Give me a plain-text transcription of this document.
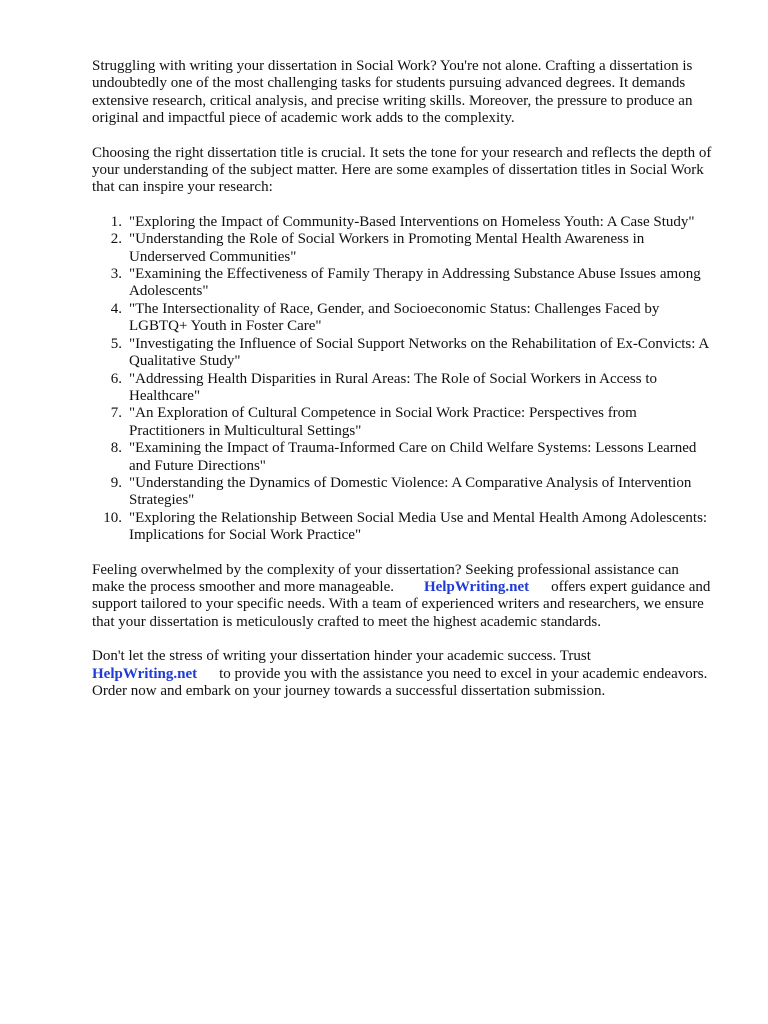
Struggling with writing your dissertation in Social Work? You're not alone. Crafting a dissertation is undoubtedly one of the most challenging tasks for students pursuing advanced degrees. It demands extensive research, critical analysis, and precise writing skills. Moreover, the pressure to produce an original and impactful piece of academic work adds to the complexity.

Choosing the right dissertation title is crucial. It sets the tone for your research and reflects the depth of your understanding of the subject matter. Here are some examples of dissertation titles in Social Work that can inspire your research:

1. "Exploring the Impact of Community-Based Interventions on Homeless Youth: A Case Study"
2. "Understanding the Role of Social Workers in Promoting Mental Health Awareness in Underserved Communities"
3. "Examining the Effectiveness of Family Therapy in Addressing Substance Abuse Issues among Adolescents"
4. "The Intersectionality of Race, Gender, and Socioeconomic Status: Challenges Faced by LGBTQ+ Youth in Foster Care"
5. "Investigating the Influence of Social Support Networks on the Rehabilitation of Ex-Convicts: A Qualitative Study"
6. "Addressing Health Disparities in Rural Areas: The Role of Social Workers in Access to Healthcare"
7. "An Exploration of Cultural Competence in Social Work Practice: Perspectives from Practitioners in Multicultural Settings"
8. "Examining the Impact of Trauma-Informed Care on Child Welfare Systems: Lessons Learned and Future Directions"
9. "Understanding the Dynamics of Domestic Violence: A Comparative Analysis of Intervention Strategies"
10. "Exploring the Relationship Between Social Media Use and Mental Health Among Adolescents: Implications for Social Work Practice"

Feeling overwhelmed by the complexity of your dissertation? Seeking professional assistance can make the process smoother and more manageable. HelpWriting.net offers expert guidance and support tailored to your specific needs. With a team of experienced writers and researchers, we ensure that your dissertation is meticulously crafted to meet the highest academic standards.

Don't let the stress of writing your dissertation hinder your academic success. Trust
HelpWriting.net to provide you with the assistance you need to excel in your academic endeavors. Order now and embark on your journey towards a successful dissertation submission.
